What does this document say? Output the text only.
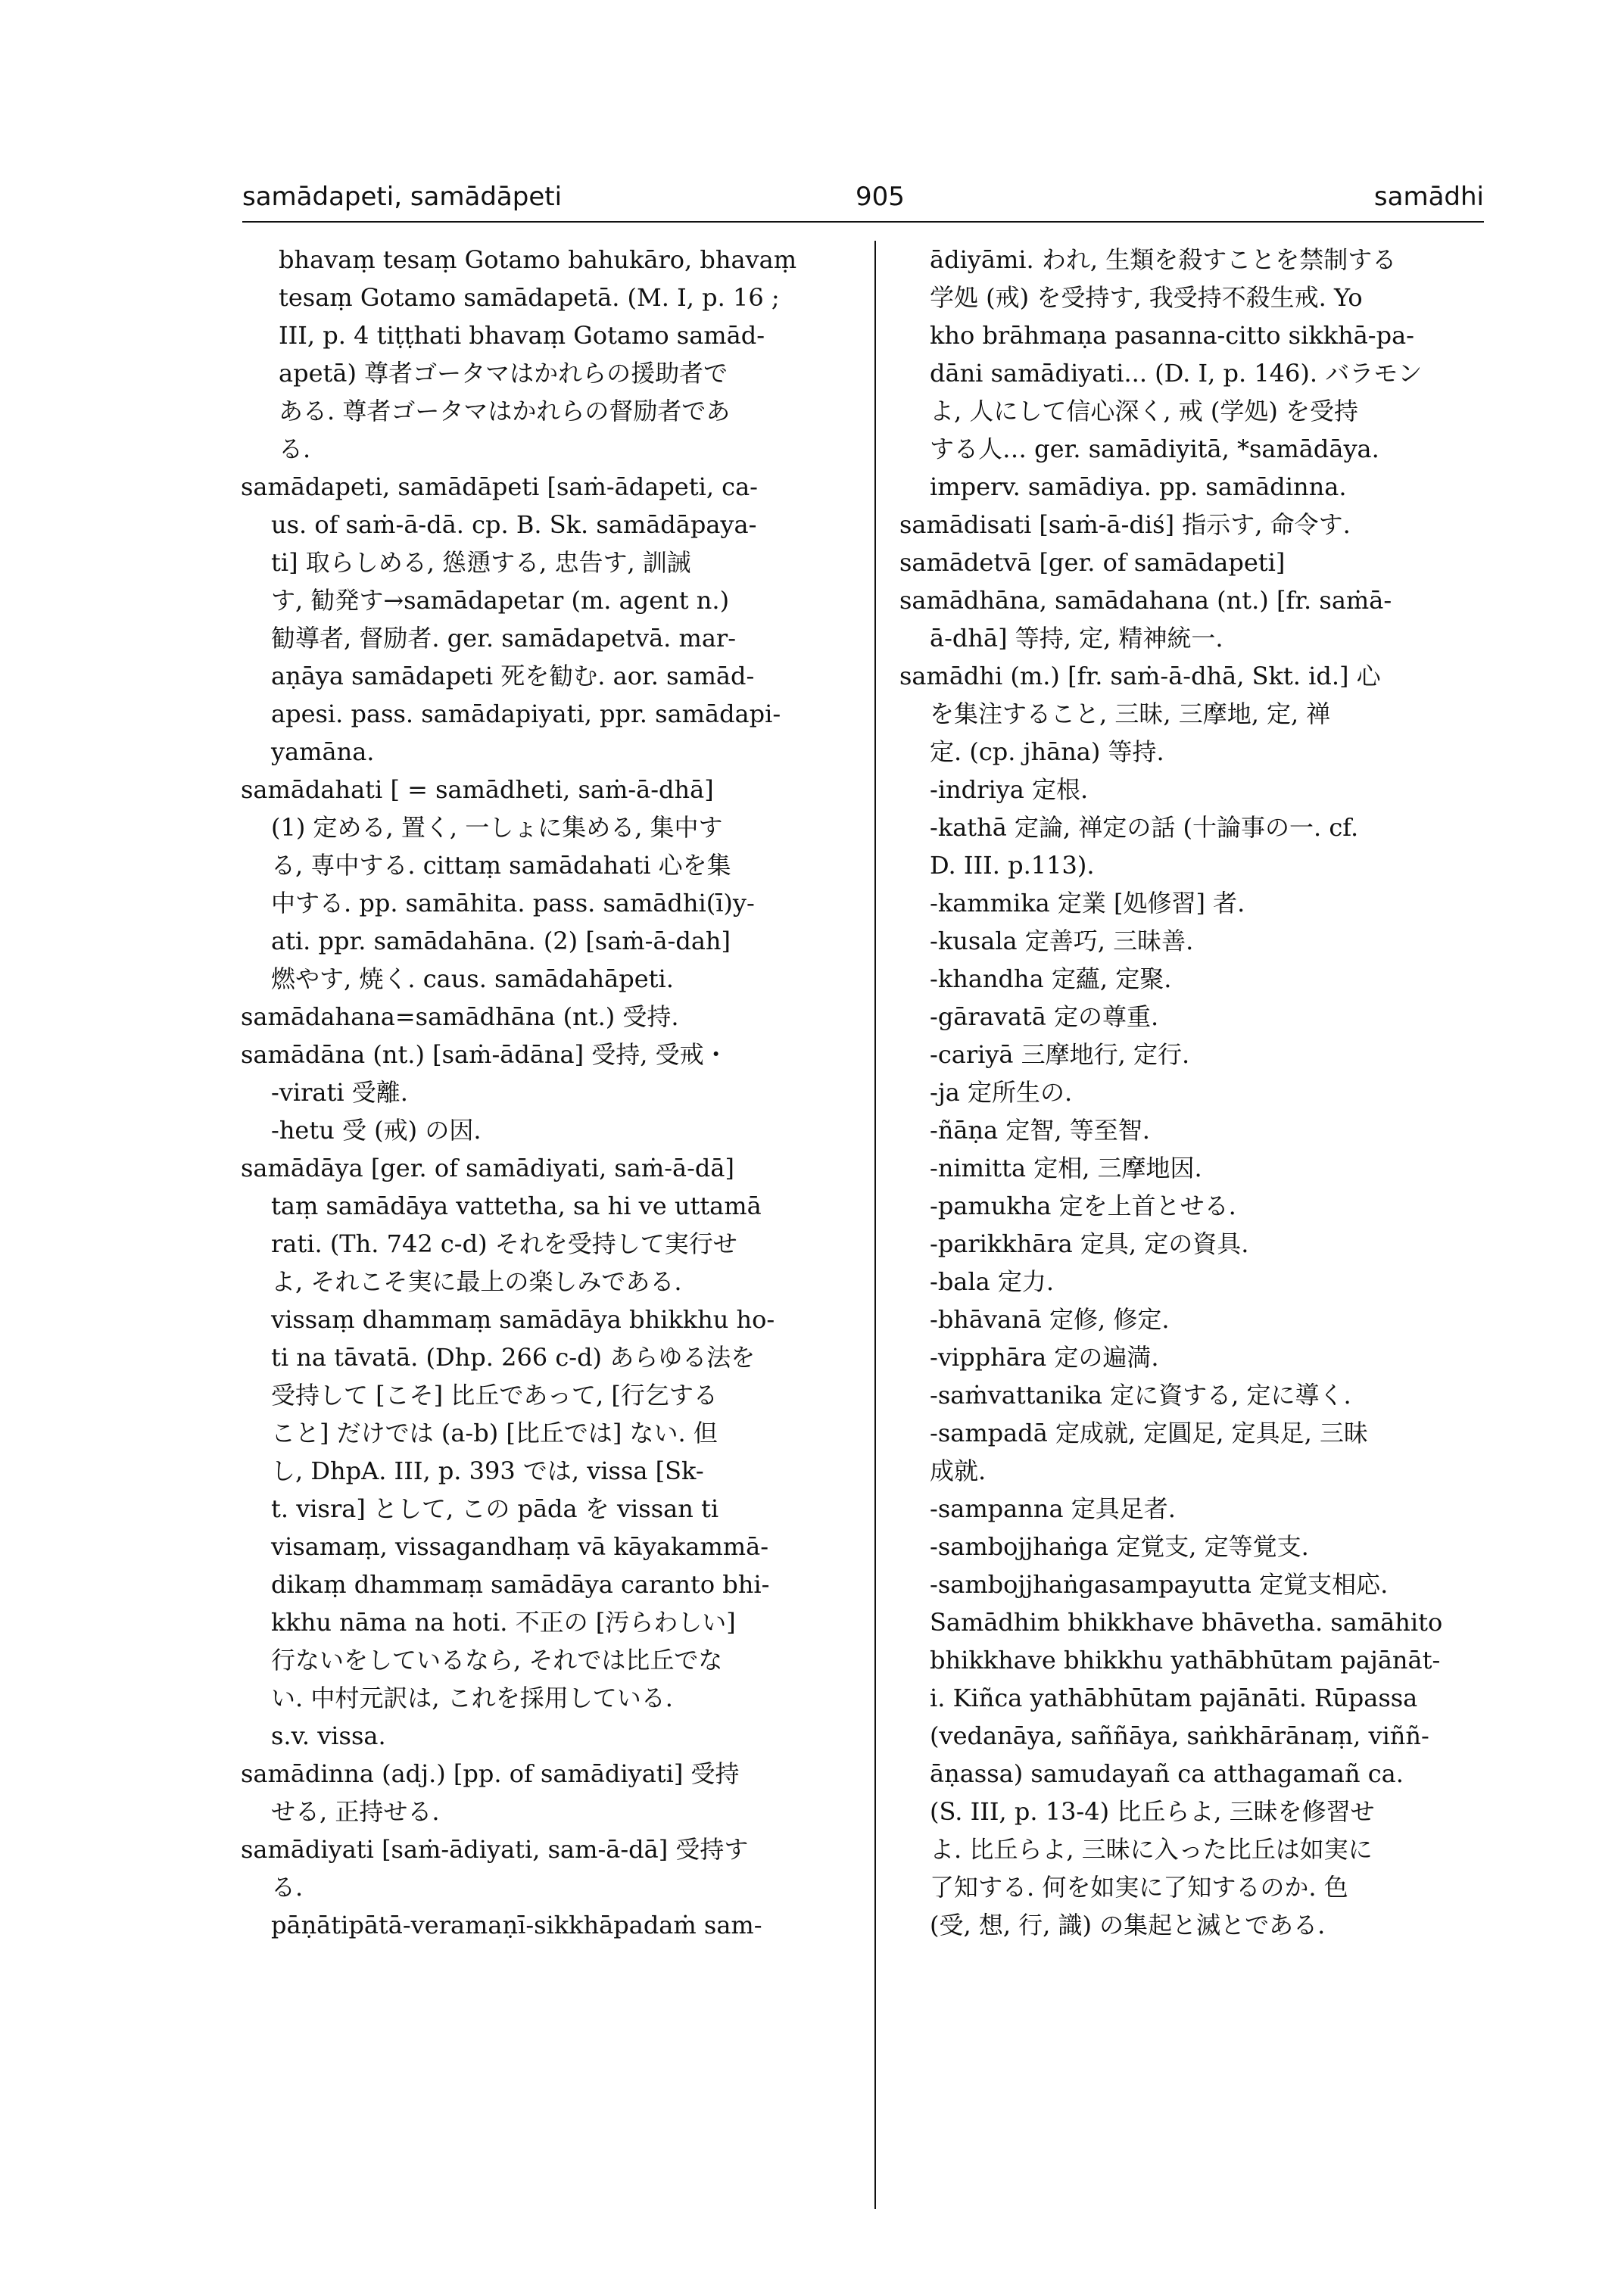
samādapeti, samādāpeti	905	samādhi
bhavaṃ tesaṃ Gotamo bahukāro, bhavaṃ
tesaṃ Gotamo samādapetā. (M. I, p. 16 ;
III, p. 4 tiṭṭhati bhavaṃ Gotamo samād-
apetā) 尊者ゴータマはかれらの援助者で
ある. 尊者ゴータマはかれらの督励者であ
る.
samādapeti, samādāpeti [saṁ-ādapeti, ca-
us. of saṁ-ā-dā. cp. B. Sk. samādāpaya-
ti] 取らしめる, 慫慂する, 忠告す, 訓誡
す, 勧発す→samādapetar (m. agent n.)
勧導者, 督励者. ger. samādapetvā. mar-
aṇāya samādapeti 死を勧む. aor. samād-
apesi. pass. samādapiyati, ppr. samādapi-
yamāna.
samādahati [ = samādheti, saṁ-ā-dhā]
(1) 定める, 置く, 一しょに集める, 集中す
る, 専中する. cittaṃ samādahati 心を集
中する. pp. samāhita. pass. samādhi(ī)y-
ati. ppr. samādahāna. (2) [saṁ-ā-dah]
燃やす, 焼く. caus. samādahāpeti.
samādahana=samādhāna (nt.) 受持.
samādāna (nt.) [saṁ-ādāna] 受持, 受戒・
-virati 受離.
-hetu 受 (戒) の因.
samādāya [ger. of samādiyati, saṁ-ā-dā]
taṃ samādāya vattetha, sa hi ve uttamā
rati. (Th. 742 c-d) それを受持して実行せ
よ, それこそ実に最上の楽しみである.
vissaṃ dhammaṃ samādāya bhikkhu ho-
ti na tāvatā. (Dhp. 266 c-d) あらゆる法を
受持して [こそ] 比丘であって, [行乞する
こと] だけでは (a-b) [比丘では] ない. 但
し, DhpA. III, p. 393 では, vissa [Sk-
t. visra] として, この pāda を vissan ti
visamaṃ, vissagandhaṃ vā kāyakammā-
dikaṃ dhammaṃ samādāya caranto bhi-
kkhu nāma na hoti. 不正の [汚らわしい]
行ないをしているなら, それでは比丘でな
い. 中村元訳は, これを採用している.
s.v. vissa.
samādinna (adj.) [pp. of samādiyati] 受持
せる, 正持せる.
samādiyati [saṁ-ādiyati, sam-ā-dā] 受持す
る.
pāṇātipātā-veramaṇī-sikkhāpadaṁ sam-
ādiyāmi. われ, 生類を殺すことを禁制する
学処 (戒) を受持す, 我受持不殺生戒. Yo
kho brāhmaṇa pasanna-citto sikkhā-pa-
dāni samādiyati... (D. I, p. 146). バラモン
よ, 人にして信心深く, 戒 (学処) を受持
する人… ger. samādiyitā, *samādāya.
imperv. samādiya. pp. samādinna.
samādisati [saṁ-ā-diś] 指示す, 命令す.
samādetvā [ger. of samādapeti]
samādhāna, samādahana (nt.) [fr. saṁā-
ā-dhā] 等持, 定, 精神統一.
samādhi (m.) [fr. saṁ-ā-dhā, Skt. id.] 心
を集注すること, 三昧, 三摩地, 定, 禅
定. (cp. jhāna) 等持.
-indriya 定根.
-kathā 定論, 禅定の話 (十論事の一. cf.
D. III. p.113).
-kammika 定業 [処修習] 者.
-kusala 定善巧, 三昧善.
-khandha 定蘊, 定聚.
-gāravatā 定の尊重.
-cariyā 三摩地行, 定行.
-ja 定所生の.
-ñāṇa 定智, 等至智.
-nimitta 定相, 三摩地因.
-pamukha 定を上首とせる.
-parikkhāra 定具, 定の資具.
-bala 定力.
-bhāvanā 定修, 修定.
-vipphāra 定の遍満.
-saṁvattanika 定に資する, 定に導く.
-sampadā 定成就, 定圓足, 定具足, 三昧
成就.
-sampanna 定具足者.
-sambojjhaṅga 定覚支, 定等覚支.
-sambojjhaṅgasampayutta 定覚支相応.
Samādhim bhikkhave bhāvetha. samāhito
bhikkhave bhikkhu yathābhūtam pajānāt-
i. Kiñca yathābhūtam pajānāti. Rūpassa
(vedanāya, saññāya, saṅkhārānaṃ, viññ-
āṇassa) samudayañ ca atthagamañ ca.
(S. III, p. 13-4) 比丘らよ, 三昧を修習せ
よ. 比丘らよ, 三昧に入った比丘は如実に
了知する. 何を如実に了知するのか. 色
(受, 想, 行, 識) の集起と滅とである.
